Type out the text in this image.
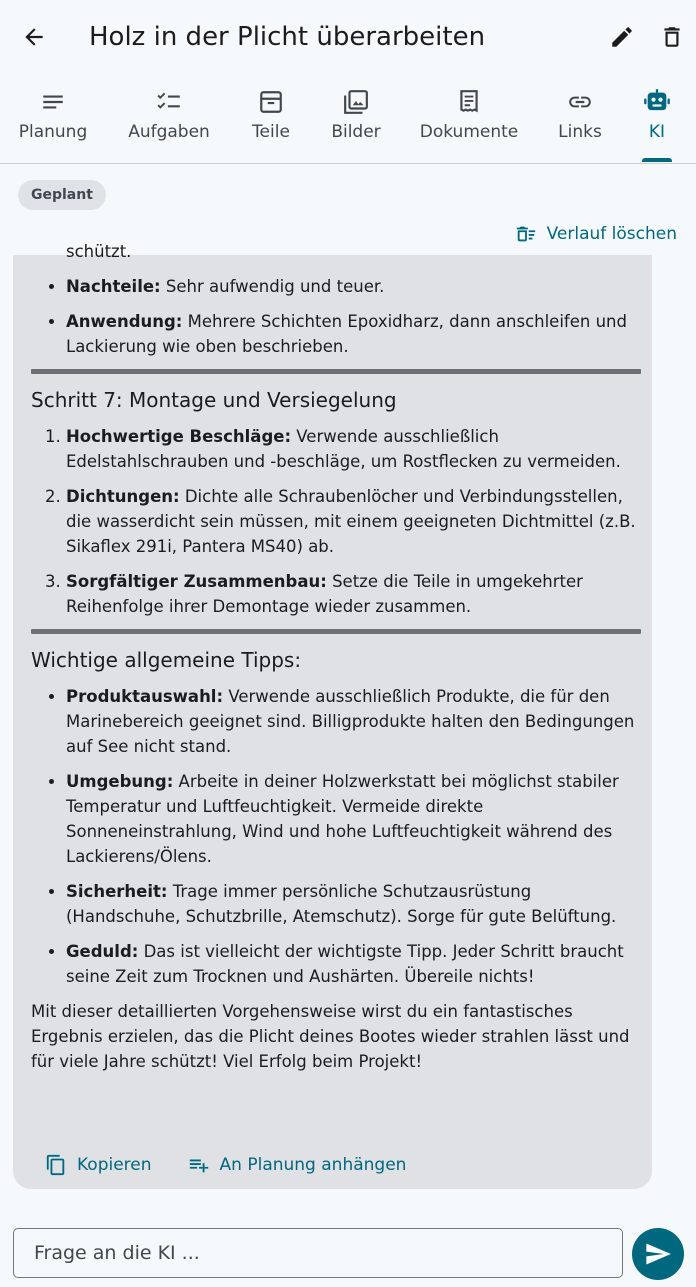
Holz in der Plicht überarbeiten
Planung Aufgaben Teile Bilder Dokumente Links	KI
Geplant
Verlauf löschen
schützt.
• Nachteile: Sehr aufwendig und teuer.
• Anwendung: Mehrere Schichten Epoxidharz, dann anschleifen und Lackierung wie oben beschrieben.
Schritt 7: Montage und Versiegelung
1. Hochwertige Beschläge: Verwende ausschließlich Edelstahlschrauben und -beschläge, um Rostflecken zu vermeiden.
2. Dichtungen: Dichte alle Schraubenlöcher und Verbindungsstellen, die wasserdicht sein müssen, mit einem geeigneten Dichtmittel (z.B. Sikaflex 291i, Pantera MS40) ab.
3. Sorgfältiger Zusammenbau: Setze die Teile in umgekehrter Reihenfolge ihrer Demontage wieder zusammen.
Wichtige allgemeine Tipps:
• Produktauswahl: Verwende ausschließlich Produkte, die für den Marinebereich geeignet sind. Billigprodukte halten den Bedingungen auf See nicht stand.
• Umgebung: Arbeite in deiner Holzwerkstatt bei möglichst stabiler Temperatur und Luftfeuchtigkeit. Vermeide direkte Sonneneinstrahlung, Wind und hohe Luftfeuchtigkeit während des Lackierens/Ölens.
• Sicherheit: Trage immer persönliche Schutzausrüstung (Handschuhe, Schutzbrille, Atemschutz). Sorge für gute Belüftung.
• Geduld: Das ist vielleicht der wichtigste Tipp. Jeder Schritt braucht seine Zeit zum Trocknen und Aushärten. Übereile nichts!
Mit dieser detaillierten Vorgehensweise wirst du ein fantastisches Ergebnis erzielen, das die Plicht deines Bootes wieder strahlen lässt und für viele Jahre schützt! Viel Erfolg beim Projekt!
Kopieren	An Planung anhängen
Frage an die KI ...
